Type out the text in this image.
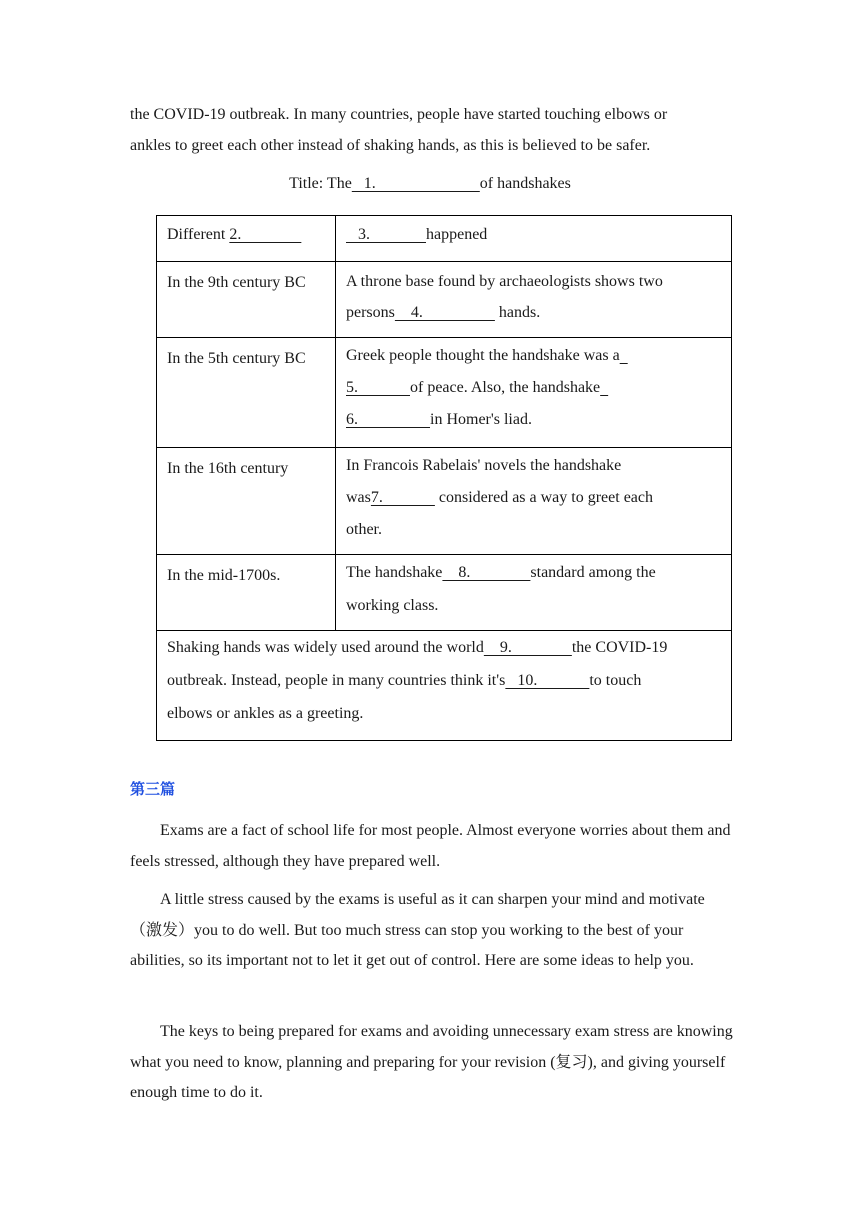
the COVID-19 outbreak. In many countries, people have started touching elbows or
ankles to greet each other instead of shaking hands, as this is believed to be safer.

Title: The   1.                          of handshakes
Different 2.	3.              happened
In the 9th century BC	A throne base found by archaeologists shows two
persons    4.                   hands.
In the 5th century BC	Greek people thought the handshake was a
5.             of peace. Also, the handshake
6.                  in Homer's liad.
In the 16th century	In Francois Rabelais' novels the handshake
was7.              considered as a way to greet each
other.
In the mid-1700s.	The handshake    8.               standard among the
working class.
Shaking hands was widely used around the world    9.               the COVID-19
outbreak. Instead, people in many countries think it's   10.             to touch
elbows or ankles as a greeting.	
第三篇

Exams are a fact of school life for most people. Almost everyone worries about them and feels stressed, although they have prepared well.

A little stress caused by the exams is useful as it can sharpen your mind and motivate（激发）you to do well. But too much stress can stop you working to the best of your abilities, so its important not to let it get out of control. Here are some ideas to help you.

The keys to being prepared for exams and avoiding unnecessary exam stress are knowing what you need to know, planning and preparing for your revision (复习), and giving yourself enough time to do it.
